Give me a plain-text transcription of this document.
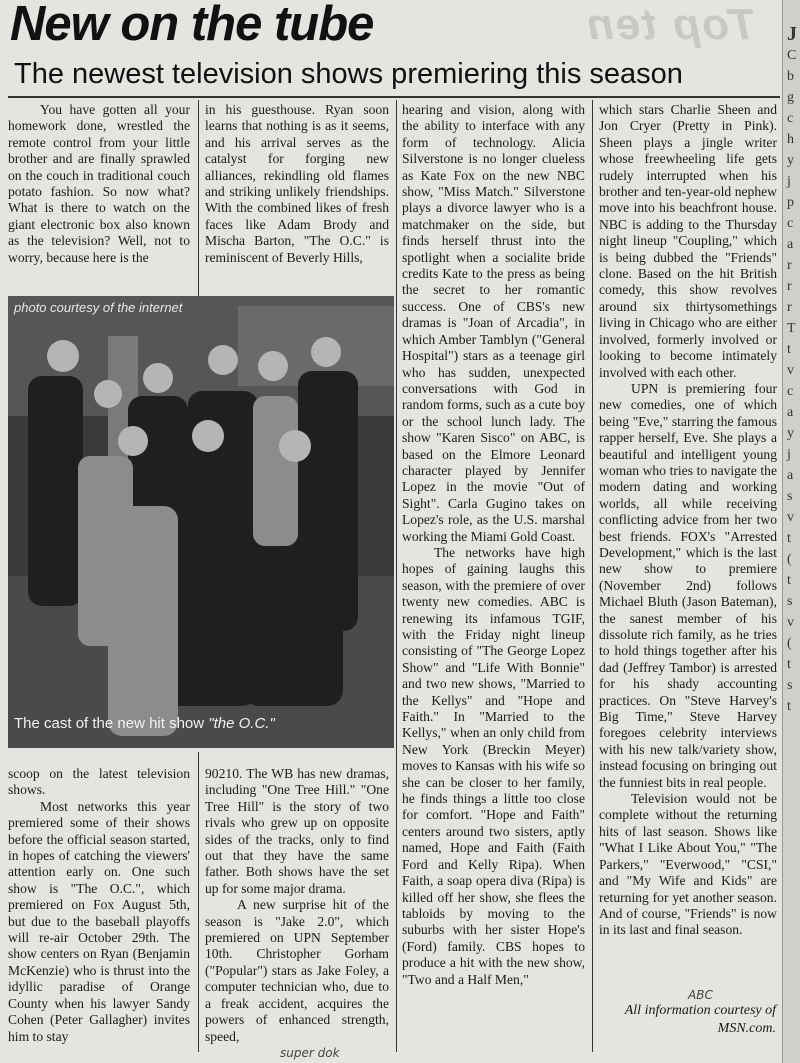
Top ten
New on the tube
The newest television shows premiering this season

You have gotten all your homework done, wrestled the remote control from your little brother and are finally sprawled on the couch in traditional couch potato fashion. So now what? What is there to watch on the giant electronic box also known as the television? Well, not to worry, because here is the

in his guesthouse. Ryan soon learns that nothing is as it seems, and his arrival serves as the catalyst for forging new alliances, rekindling old flames and striking unlikely friendships. With the combined likes of fresh faces like Adam Brody and Mischa Barton, "The O.C." is reminiscent of Beverly Hills,

photo courtesy of the internet
The cast of the new hit show "the O.C."

scoop on the latest television shows.

Most networks this year premiered some of their shows before the official season started, in hopes of catching the viewers' attention early on. One such show is "The O.C.", which premiered on Fox August 5th, but due to the baseball playoffs will re-air October 29th. The show centers on Ryan (Benjamin McKenzie) who is thrust into the idyllic paradise of Orange County when his lawyer Sandy Cohen (Peter Gallagher) invites him to stay

90210. The WB has new dramas, including "One Tree Hill." "One Tree Hill" is the story of two rivals who grew up on opposite sides of the tracks, only to find out that they have the same father. Both shows have the set up for some major drama.

A new surprise hit of the season is "Jake 2.0", which premiered on UPN September 10th. Christopher Gorham ("Popular") stars as Jake Foley, a computer technician who, due to a freak accident, acquires the powers of enhanced strength, speed,

hearing and vision, along with the ability to interface with any form of technology. Alicia Silverstone is no longer clueless as Kate Fox on the new NBC show, "Miss Match." Silverstone plays a divorce lawyer who is a matchmaker on the side, but finds herself thrust into the spotlight when a socialite bride credits Kate to the press as being the secret to her romantic success. One of CBS's new dramas is "Joan of Arcadia", in which Amber Tamblyn ("General Hospital") stars as a teenage girl who has sudden, unexpected conversations with God in random forms, such as a cute boy or the school lunch lady. The show "Karen Sisco" on ABC, is based on the Elmore Leonard character played by Jennifer Lopez in the movie "Out of Sight". Carla Gugino takes on Lopez's role, as the U.S. marshal working the Miami Gold Coast.

The networks have high hopes of gaining laughs this season, with the premiere of over twenty new comedies. ABC is renewing its infamous TGIF, with the Friday night lineup consisting of "The George Lopez Show" and "Life With Bonnie" and two new shows, "Married to the Kellys" and "Hope and Faith." In "Married to the Kellys," when an only child from New York (Breckin Meyer) moves to Kansas with his wife so she can be closer to her family, he finds things a little too close for comfort. "Hope and Faith" centers around two sisters, aptly named, Hope and Faith (Faith Ford and Kelly Ripa). When Faith, a soap opera diva (Ripa) is killed off her show, she flees the tabloids by moving to the suburbs with her sister Hope's (Ford) family. CBS hopes to produce a hit with the new show, "Two and a Half Men,"

which stars Charlie Sheen and Jon Cryer (Pretty in Pink). Sheen plays a jingle writer whose freewheeling life gets rudely interrupted when his brother and ten-year-old nephew move into his beachfront house. NBC is adding to the Thursday night lineup "Coupling," which is being dubbed the "Friends" clone. Based on the hit British comedy, this show revolves around six thirtysomethings living in Chicago who are either involved, formerly involved or looking to become intimately involved with each other.

UPN is premiering four new comedies, one of which being "Eve," starring the famous rapper herself, Eve. She plays a beautiful and intelligent young woman who tries to navigate the modern dating and working worlds, all while receiving conflicting advice from her two best friends. FOX's "Arrested Development," which is the last new show to premiere (November 2nd) follows Michael Bluth (Jason Bateman), the sanest member of his dissolute rich family, as he tries to hold things together after his dad (Jeffrey Tambor) is arrested for his shady accounting practices. On "Steve Harvey's Big Time," Steve Harvey foregoes celebrity interviews with his new talk/variety show, instead focusing on bringing out the funniest bits in real people.

Television would not be complete without the returning hits of last season. Shows like "What I Like About You," "The Parkers," "Everwood," "CSI," and "My Wife and Kids" are returning for yet another season. And of course, "Friends" is now in its last and final season.

All information courtesy of MSN.com.
ABC
super dok
J
C
b
g
c
h
y
j
p
c
a
r
r
r
T
t
v
c
a
y
j
a
s
v
t
(
t
s
v
(
t
s
t
